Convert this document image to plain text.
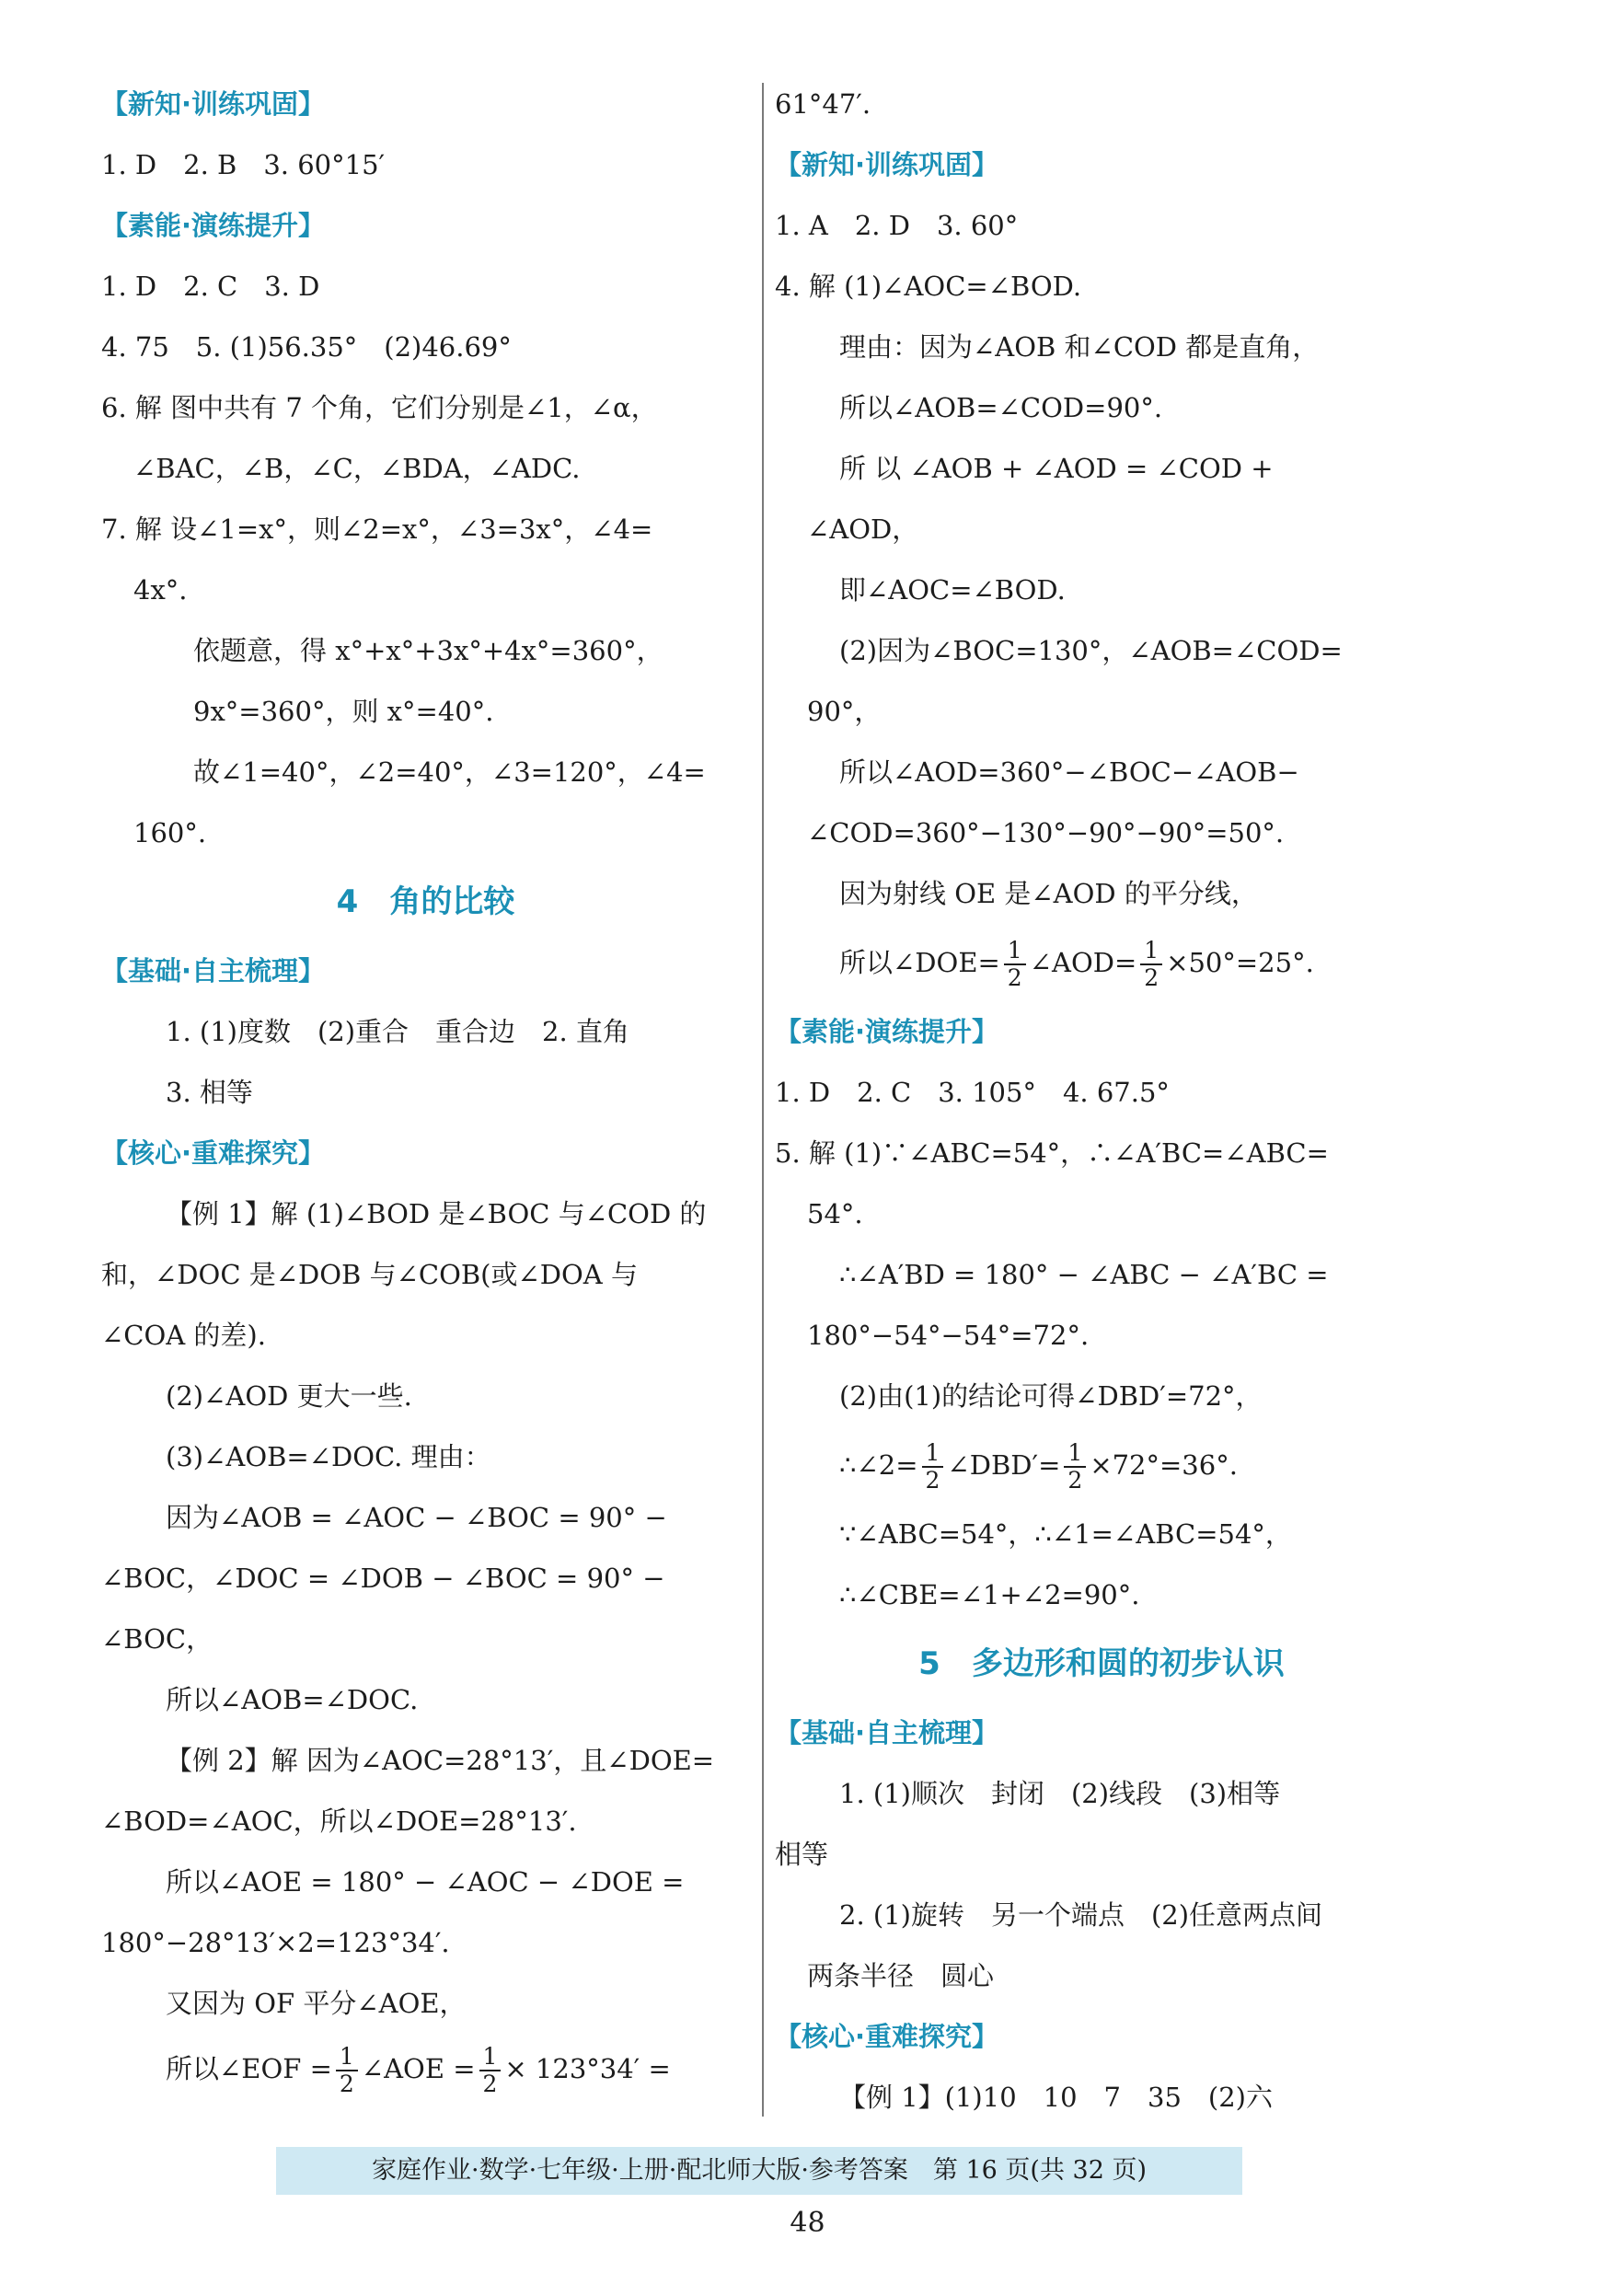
【新知·训练巩固】
1. D　2. B　3. 60°15′
【素能·演练提升】
1. D　2. C　3. D
4. 75　5. (1)56.35°　(2)46.69°
6. 解 图中共有 7 个角，它们分别是∠1，∠α，
∠BAC，∠B，∠C，∠BDA，∠ADC.
7. 解 设∠1=x°，则∠2=x°，∠3=3x°，∠4=
4x°.
依题意，得 x°+x°+3x°+4x°=360°，
9x°=360°，则 x°=40°.
故∠1=40°，∠2=40°，∠3=120°，∠4=
160°.
4　角的比较
【基础·自主梳理】
1. (1)度数　(2)重合　重合边　2. 直角
3. 相等
【核心·重难探究】
【例 1】解 (1)∠BOD 是∠BOC 与∠COD 的
和，∠DOC 是∠DOB 与∠COB(或∠DOA 与
∠COA 的差).
(2)∠AOD 更大一些.
(3)∠AOB=∠DOC. 理由：
因为∠AOB = ∠AOC − ∠BOC = 90° −
∠BOC，∠DOC = ∠DOB − ∠BOC = 90° −
∠BOC，
所以∠AOB=∠DOC.
【例 2】解 因为∠AOC=28°13′，且∠DOE=
∠BOD=∠AOC，所以∠DOE=28°13′.
所以∠AOE = 180° − ∠AOC − ∠DOE =
180°−28°13′×2=123°34′.
又因为 OF 平分∠AOE，
所以∠EOF = $\frac{1}{2}$ ∠AOE = $\frac{1}{2} \times 123^\circ 34'$ =
61°47′.
【新知·训练巩固】
1. A　2. D　3. 60°
4. 解 (1)∠AOC=∠BOD.
理由：因为∠AOB 和∠COD 都是直角，
所以∠AOB=∠COD=90°.
所 以 ∠AOB + ∠AOD = ∠COD +
∠AOD，
即∠AOC=∠BOD.
(2)因为∠BOC=130°，∠AOB=∠COD=
90°，
所以∠AOD=360°−∠BOC−∠AOB−
∠COD=360°−130°−90°−90°=50°.
因为射线 OE 是∠AOD 的平分线，
所以∠DOE= $\frac{1}{2}$ ∠AOD= $\frac{1}{2} \times 50^\circ=25^\circ$.
【素能·演练提升】
1. D　2. C　3. 105°　4. 67.5°
5. 解 (1)∵∠ABC=54°，∴∠A′BC=∠ABC=
54°.
∴∠A′BD = 180° − ∠ABC − ∠A′BC =
180°−54°−54°=72°.
(2)由(1)的结论可得∠DBD′=72°，
∴∠2= $\frac{1}{2}$ ∠DBD′= $\frac{1}{2} \times 72^\circ=36^\circ$.
∵∠ABC=54°，∴∠1=∠ABC=54°，
∴∠CBE=∠1+∠2=90°.
5　多边形和圆的初步认识
【基础·自主梳理】
1. (1)顺次　封闭　(2)线段　(3)相等
相等
2. (1)旋转　另一个端点　(2)任意两点间
两条半径　圆心
【核心·重难探究】
【例 1】(1)10　10　7　35　(2)六
家庭作业·数学·七年级·上册·配北师大版·参考答案　第 16 页(共 32 页)
48
